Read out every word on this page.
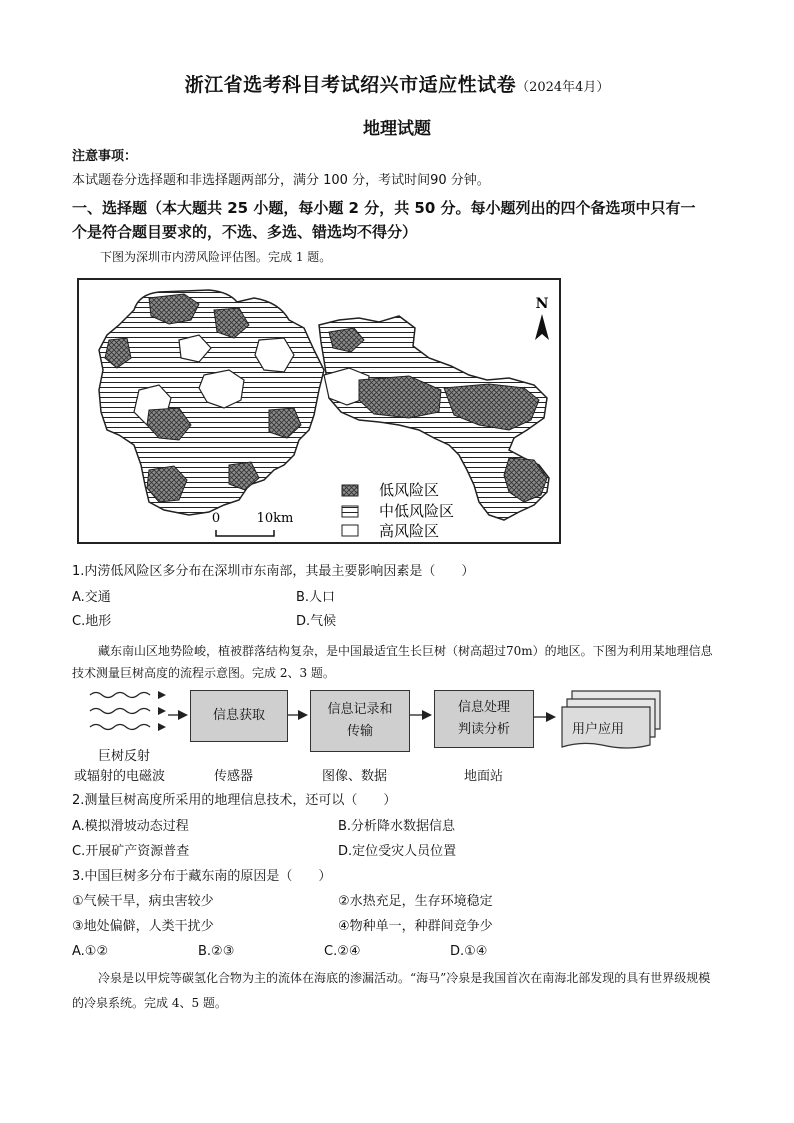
浙江省选考科目考试绍兴市适应性试卷（2024年4月）
地理试题
注意事项：
本试题卷分选择题和非选择题两部分，满分 100 分，考试时间90 分钟。
一、选择题（本大题共 25 小题，每小题 2 分，共 50 分。每小题列出的四个备选项中只有一
个是符合题目要求的，不选、多选、错选均不得分）
下图为深圳市内涝风险评估图。完成 1 题。
N
0	10km
低风险区
中低风险区
高风险区
1.内涝低风险区多分布在深圳市东南部，其最主要影响因素是（　　）
A.交通	B.人口
C.地形	D.气候
藏东南山区地势险峻，植被群落结构复杂，是中国最适宜生长巨树（树高超过70m）的地区。下图为利用某地理信息技术测量巨树高度的流程示意图。完成 2、3 题。
信息获取	信息记录和
传输
信息处理
判读分析	用户应用
巨树反射
或辐射的电磁波	传感器	图像、数据	地面站
2.测量巨树高度所采用的地理信息技术，还可以（　　）
A.模拟滑坡动态过程	B.分析降水数据信息
C.开展矿产资源普查	D.定位受灾人员位置
3.中国巨树多分布于藏东南的原因是（　　）
①气候干旱，病虫害较少	②水热充足，生存环境稳定
③地处偏僻，人类干扰少	④物种单一，种群间竞争少
A.①②	B.②③	C.②④	D.①④
冷泉是以甲烷等碳氢化合物为主的流体在海底的渗漏活动。“海马”冷泉是我国首次在南海北部发现的具有世界级规模的冷泉系统。完成 4、5 题。
